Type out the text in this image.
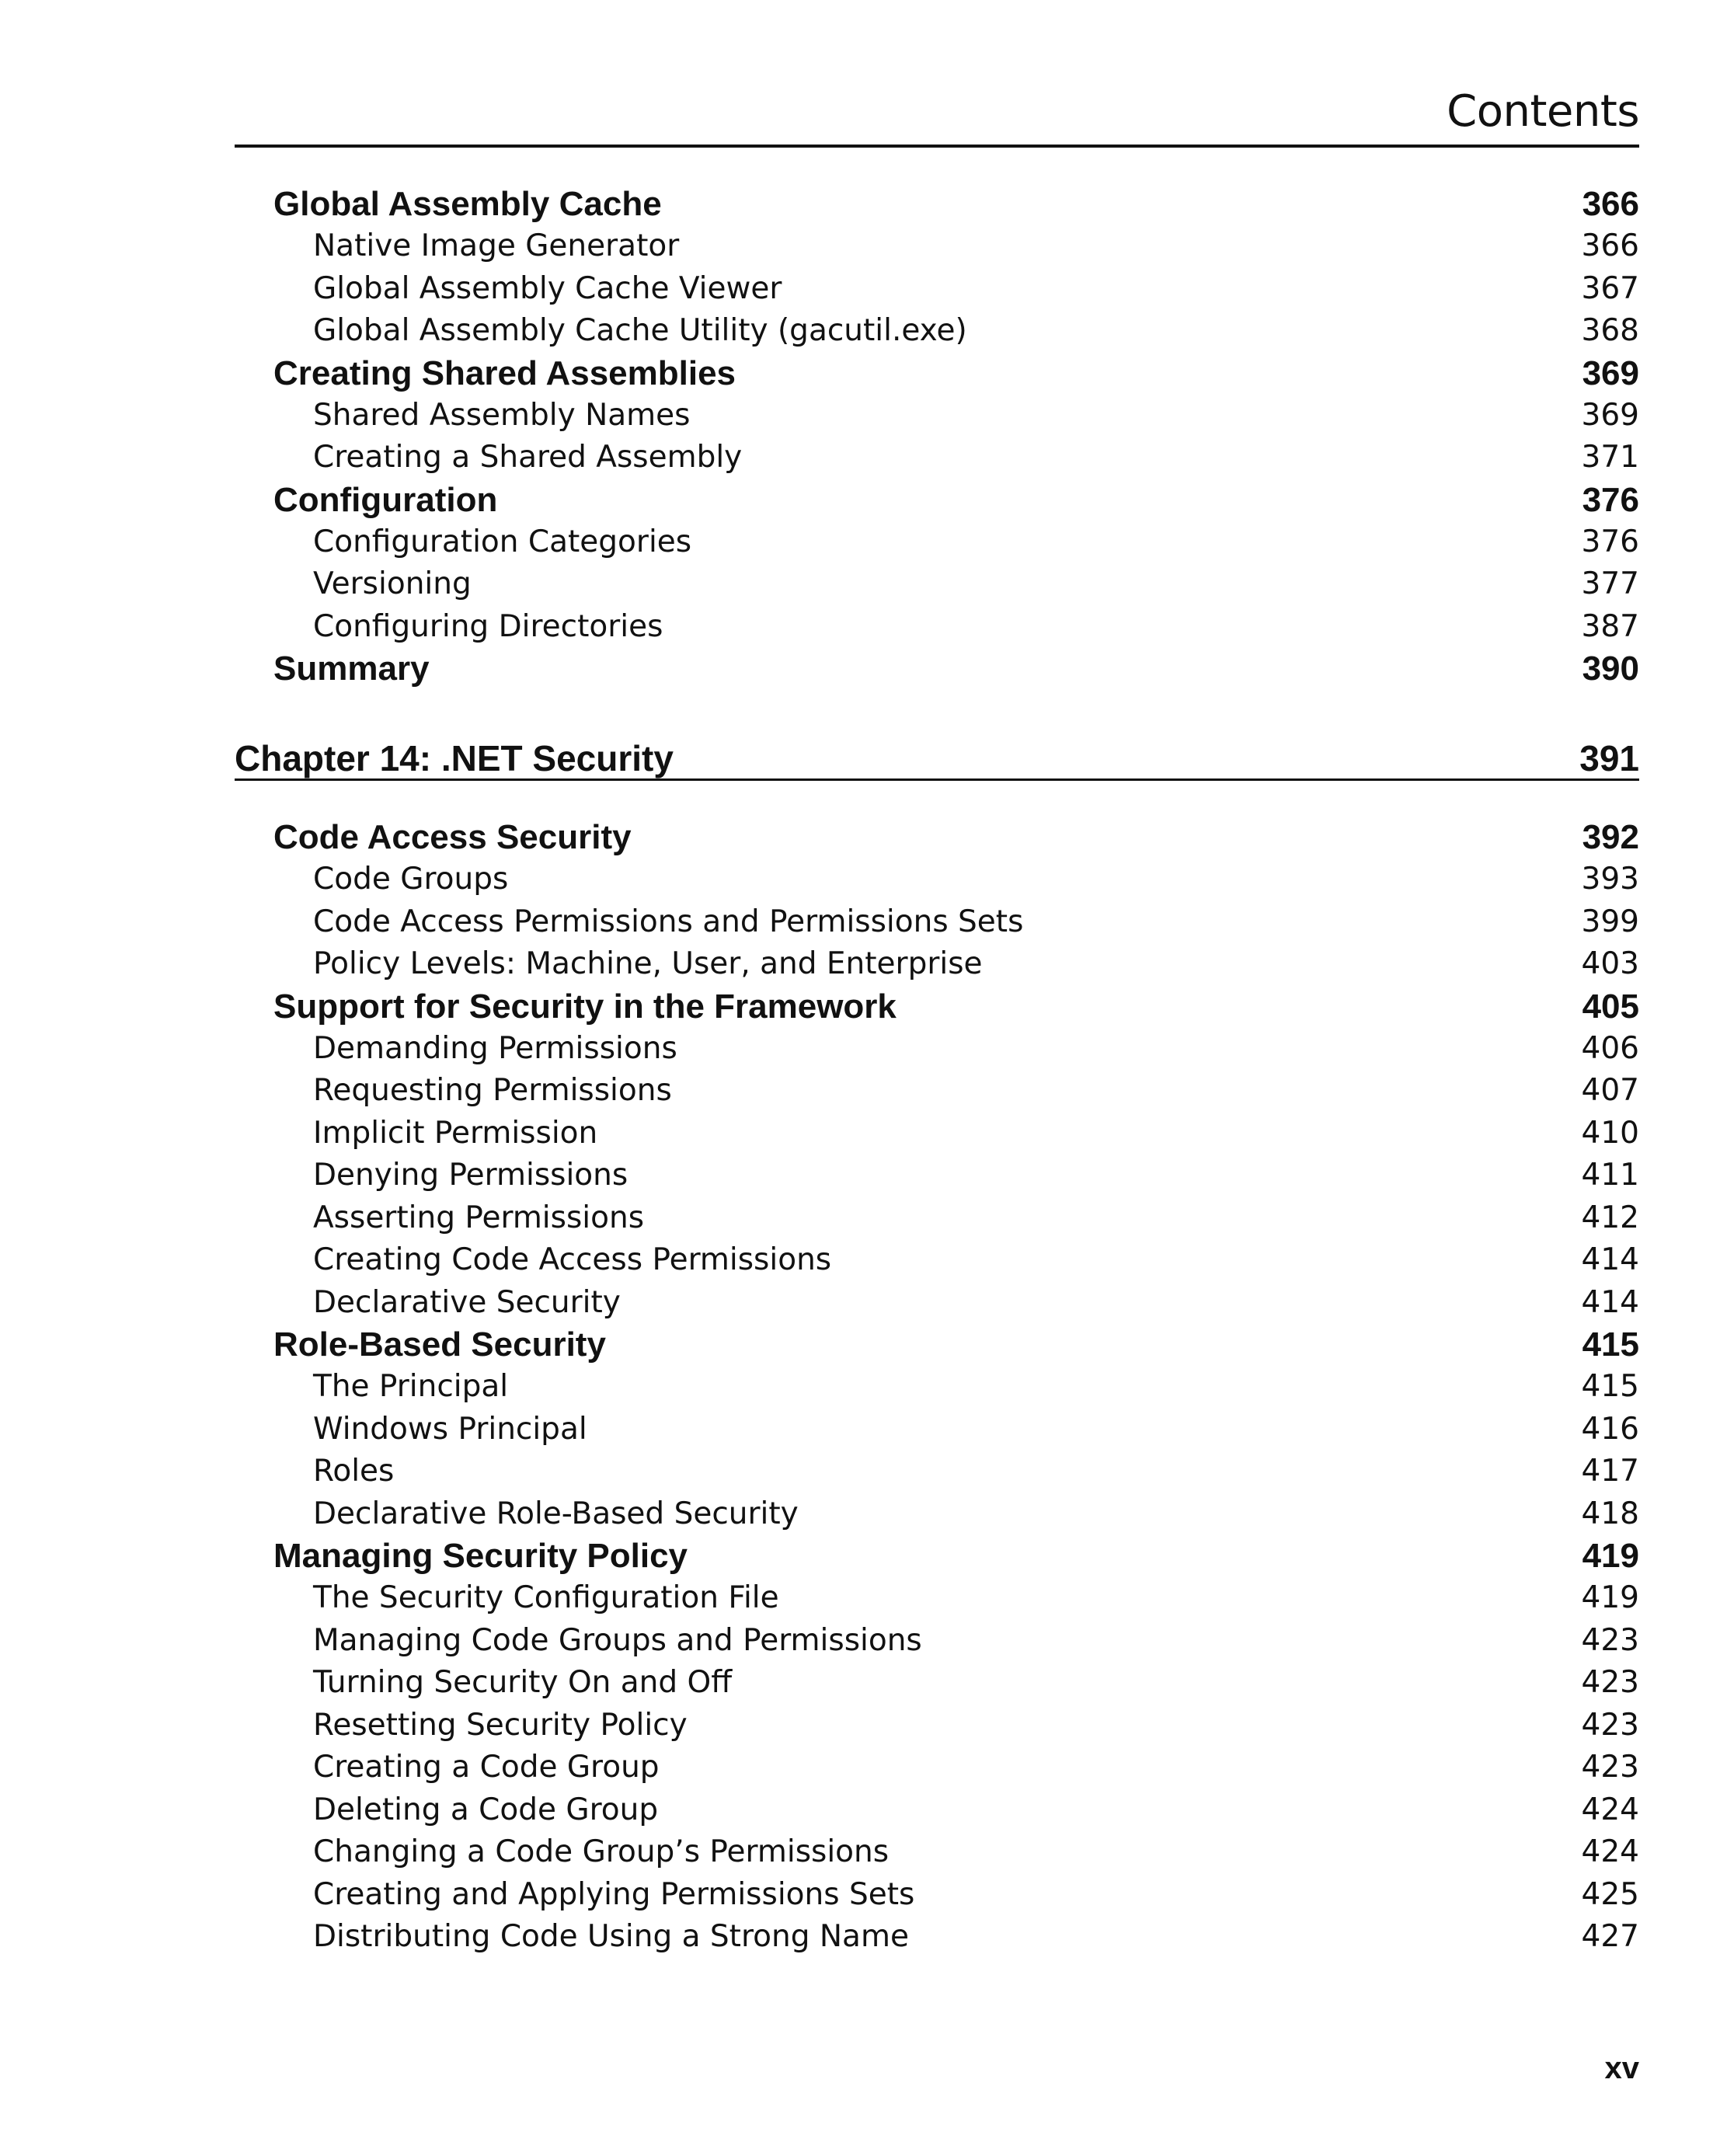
Contents
Global Assembly Cache	366
Native Image Generator	366
Global Assembly Cache Viewer	367
Global Assembly Cache Utility (gacutil.exe)	368
Creating Shared Assemblies	369
Shared Assembly Names	369
Creating a Shared Assembly	371
Configuration	376
Configuration Categories	376
Versioning	377
Configuring Directories	387
Summary	390
Chapter 14: .NET Security	391
Code Access Security	392
Code Groups	393
Code Access Permissions and Permissions Sets	399
Policy Levels: Machine, User, and Enterprise	403
Support for Security in the Framework	405
Demanding Permissions	406
Requesting Permissions	407
Implicit Permission	410
Denying Permissions	411
Asserting Permissions	412
Creating Code Access Permissions	414
Declarative Security	414
Role-Based Security	415
The Principal	415
Windows Principal	416
Roles	417
Declarative Role-Based Security	418
Managing Security Policy	419
The Security Configuration File	419
Managing Code Groups and Permissions	423
Turning Security On and Off	423
Resetting Security Policy	423
Creating a Code Group	423
Deleting a Code Group	424
Changing a Code Group’s Permissions	424
Creating and Applying Permissions Sets	425
Distributing Code Using a Strong Name	427
xv
